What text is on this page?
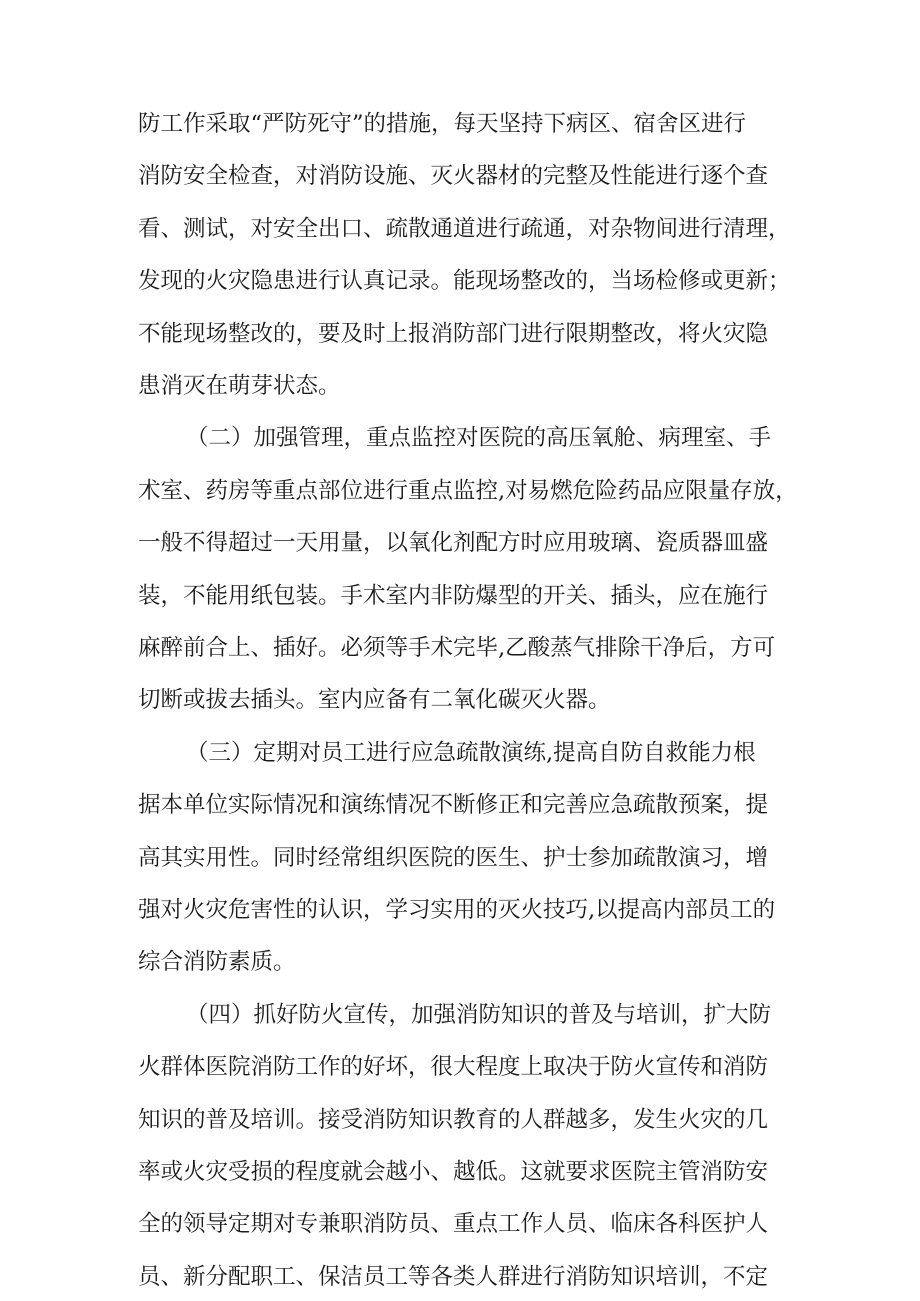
防工作采取“严防死守”的措施，每天坚持下病区、宿舍区进行
消防安全检查，对消防设施、灭火器材的完整及性能进行逐个查
看、测试，对安全出口、疏散通道进行疏通，对杂物间进行清理，
发现的火灾隐患进行认真记录。能现场整改的，当场检修或更新；
不能现场整改的，要及时上报消防部门进行限期整改，将火灾隐
患消灭在萌芽状态。
（二）加强管理，重点监控对医院的高压氧舱、病理室、手
术室、药房等重点部位进行重点监控,对易燃危险药品应限量存放，
一般不得超过一天用量，以氧化剂配方时应用玻璃、瓷质器皿盛
装，不能用纸包装。手术室内非防爆型的开关、插头，应在施行
麻醉前合上、插好。必须等手术完毕,乙酸蒸气排除干净后，方可
切断或拔去插头。室内应备有二氧化碳灭火器。
（三）定期对员工进行应急疏散演练,提高自防自救能力根
据本单位实际情况和演练情况不断修正和完善应急疏散预案，提
高其实用性。同时经常组织医院的医生、护士参加疏散演习，增
强对火灾危害性的认识，学习实用的灭火技巧,以提高内部员工的
综合消防素质。
（四）抓好防火宣传，加强消防知识的普及与培训，扩大防
火群体医院消防工作的好坏，很大程度上取决于防火宣传和消防
知识的普及培训。接受消防知识教育的人群越多，发生火灾的几
率或火灾受损的程度就会越小、越低。这就要求医院主管消防安
全的领导定期对专兼职消防员、重点工作人员、临床各科医护人
员、新分配职工、保洁员工等各类人群进行消防知识培训，不定
